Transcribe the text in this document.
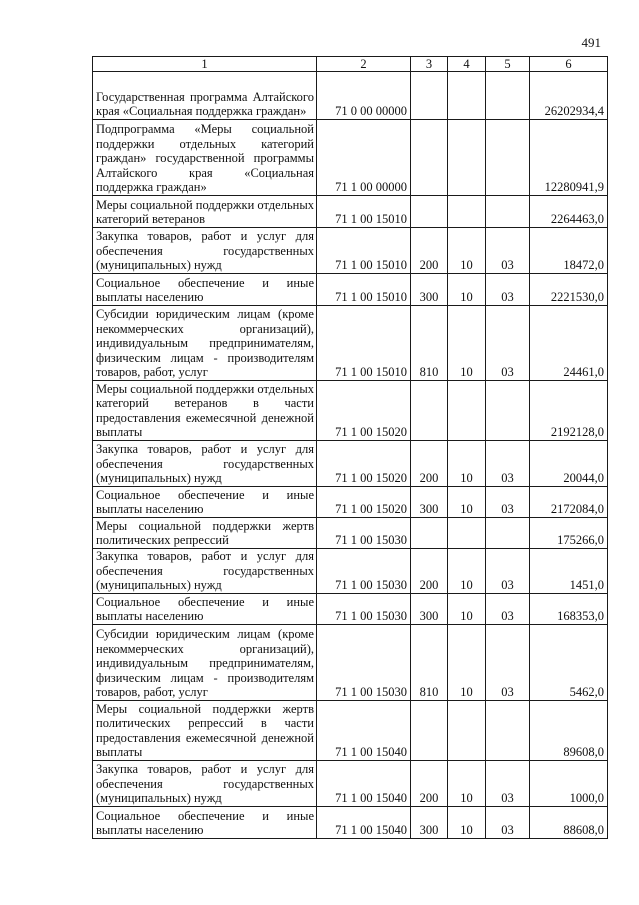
491
1	2	3	4	5	6
Государственная программа Алтайского края «Социальная поддержка граждан»	71 0 00 00000				26202934,4
Подпрограмма «Меры социальной поддержки отдельных категорий граждан» государственной программы Алтайского края «Социальная поддержка граждан»	71 1 00 00000				12280941,9
Меры социальной поддержки отдельных категорий ветеранов	71 1 00 15010				2264463,0
Закупка товаров, работ и услуг для обеспечения государственных (муниципальных) нужд	71 1 00 15010	200	10	03	18472,0
Социальное обеспечение и иные выплаты населению	71 1 00 15010	300	10	03	2221530,0
Субсидии юридическим лицам (кроме некоммерческих организаций), индивидуальным предпринимателям, физическим лицам - производителям товаров, работ, услуг	71 1 00 15010	810	10	03	24461,0
Меры социальной поддержки отдельных категорий ветеранов в части предоставления ежемесячной денежной выплаты	71 1 00 15020				2192128,0
Закупка товаров, работ и услуг для обеспечения государственных (муниципальных) нужд	71 1 00 15020	200	10	03	20044,0
Социальное обеспечение и иные выплаты населению	71 1 00 15020	300	10	03	2172084,0
Меры социальной поддержки жертв политических репрессий	71 1 00 15030				175266,0
Закупка товаров, работ и услуг для обеспечения государственных (муниципальных) нужд	71 1 00 15030	200	10	03	1451,0
Социальное обеспечение и иные выплаты населению	71 1 00 15030	300	10	03	168353,0
Субсидии юридическим лицам (кроме некоммерческих организаций), индивидуальным предпринимателям, физическим лицам - производителям товаров, работ, услуг	71 1 00 15030	810	10	03	5462,0
Меры социальной поддержки жертв политических репрессий в части предоставления ежемесячной денежной выплаты	71 1 00 15040				89608,0
Закупка товаров, работ и услуг для обеспечения государственных (муниципальных) нужд	71 1 00 15040	200	10	03	1000,0
Социальное обеспечение и иные выплаты населению	71 1 00 15040	300	10	03	88608,0
